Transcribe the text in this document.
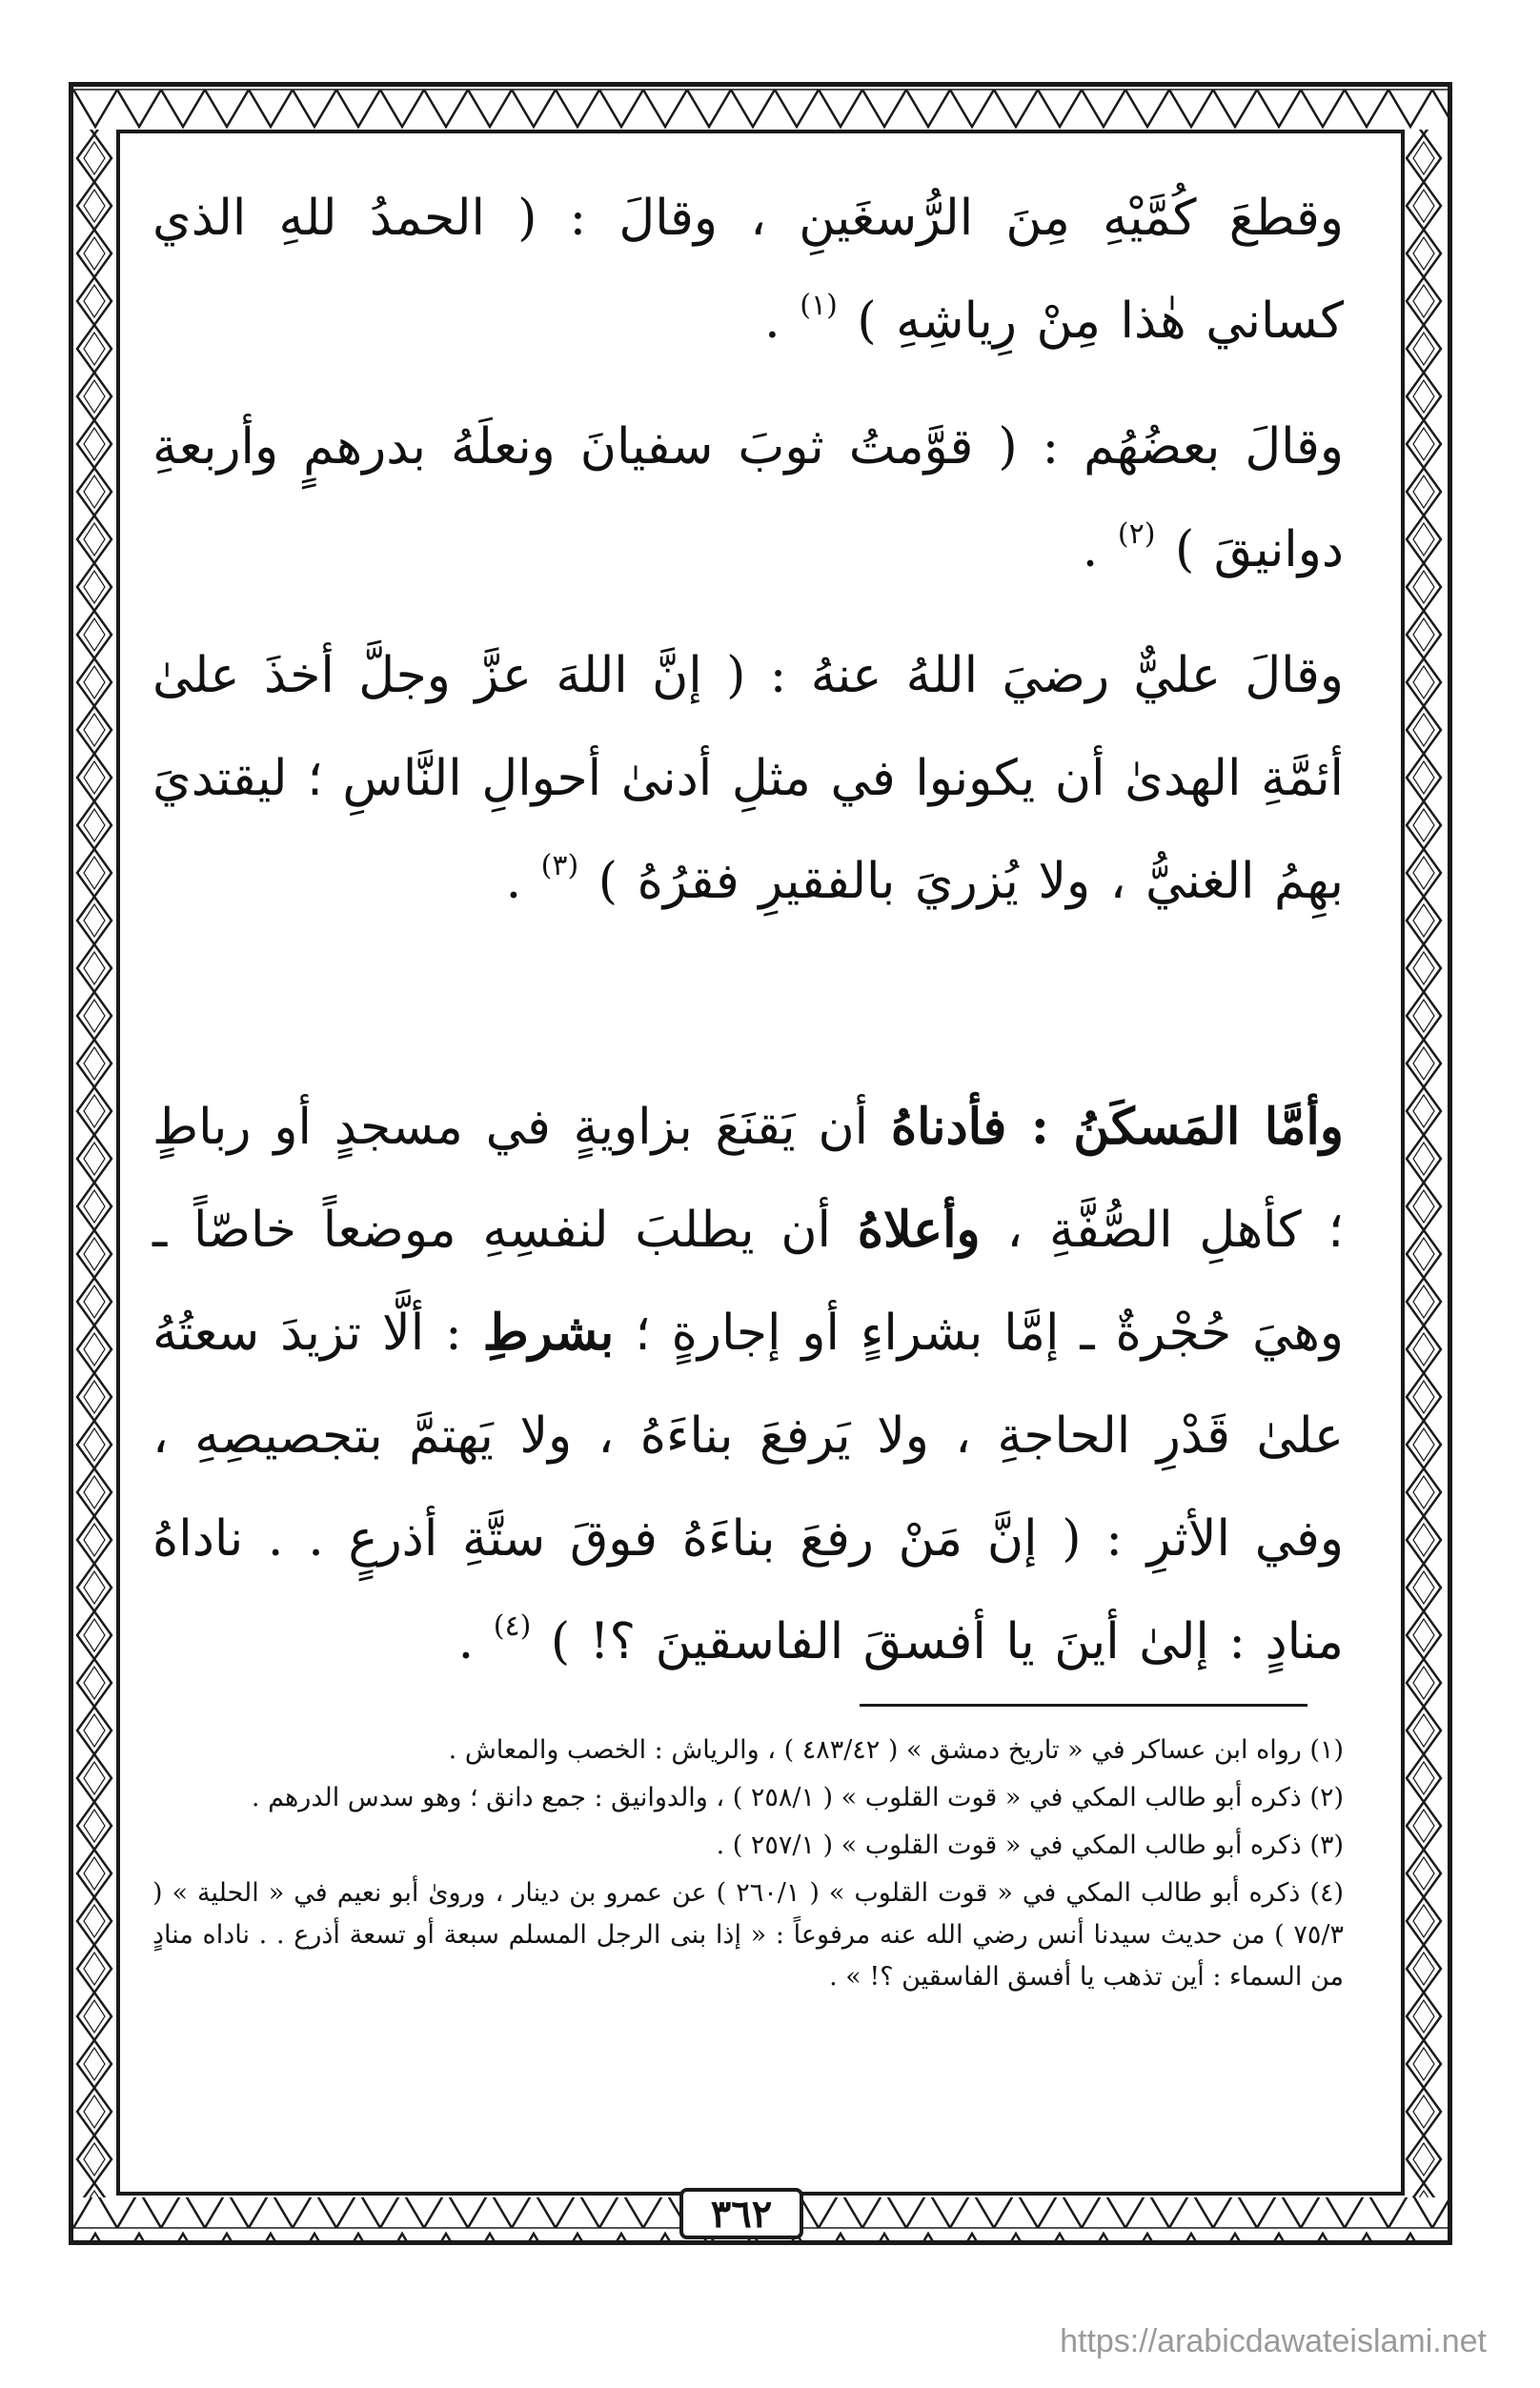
وقطعَ كُمَّيْهِ مِنَ الرُّسغَينِ ، وقالَ : ( الحمدُ للهِ الذي كساني هٰذا مِنْ رِياشِهِ ) $^{(١)}$ .

وقالَ بعضُهُم : ( قوَّمتُ ثوبَ سفيانَ ونعلَهُ بدرهمٍ وأربعةِ دوانيقَ ) $^{(٢)}$ .

وقالَ عليٌّ رضيَ اللهُ عنهُ : ( إنَّ اللهَ عزَّ وجلَّ أخذَ علىٰ أئمَّةِ الهدىٰ أن يكونوا في مثلِ أدنىٰ أحوالِ النَّاسِ ؛ ليقتديَ بهِمُ الغنيُّ ، ولا يُزريَ بالفقيرِ فقرُهُ ) $^{(٣)}$ .

وأمَّا المَسكَنُ : فأدناهُ أن يَقنَعَ بزاويةٍ في مسجدٍ أو رباطٍ ؛ كأهلِ الصُّفَّةِ ، وأعلاهُ أن يطلبَ لنفسِهِ موضعاً خاصّاً ـ وهيَ حُجْرةٌ ـ إمَّا بشراءٍ أو إجارةٍ ؛ بشرطِ : ألَّا تزيدَ سعتُهُ علىٰ قَدْرِ الحاجةِ ، ولا يَرفعَ بناءَهُ ، ولا يَهتمَّ بتجصيصِهِ ، وفي الأثرِ : ( إنَّ مَنْ رفعَ بناءَهُ فوقَ ستَّةِ أذرعٍ . . ناداهُ منادٍ : إلىٰ أينَ يا أفسقَ الفاسقينَ ؟! ) $^{(٤)}$ .

(١) رواه ابن عساكر في « تاريخ دمشق » ( ٤٨٣/٤٢ ) ، والرياش : الخصب والمعاش .

(٢) ذكره أبو طالب المكي في « قوت القلوب » ( ٢٥٨/١ ) ، والدوانيق : جمع دانق ؛ وهو سدس الدرهم .

(٣) ذكره أبو طالب المكي في « قوت القلوب » ( ٢٥٧/١ ) .

(٤) ذكره أبو طالب المكي في « قوت القلوب » ( ٢٦٠/١ ) عن عمرو بن دينار ، وروىٰ أبو نعيم في « الحلية » ( ٧٥/٣ ) من حديث سيدنا أنس رضي الله عنه مرفوعاً : « إذا بنى الرجل المسلم سبعة أو تسعة أذرع . . ناداه منادٍ من السماء : أين تذهب يا أفسق الفاسقين ؟! » .

٣٦٢
https://arabicdawateislami.net
